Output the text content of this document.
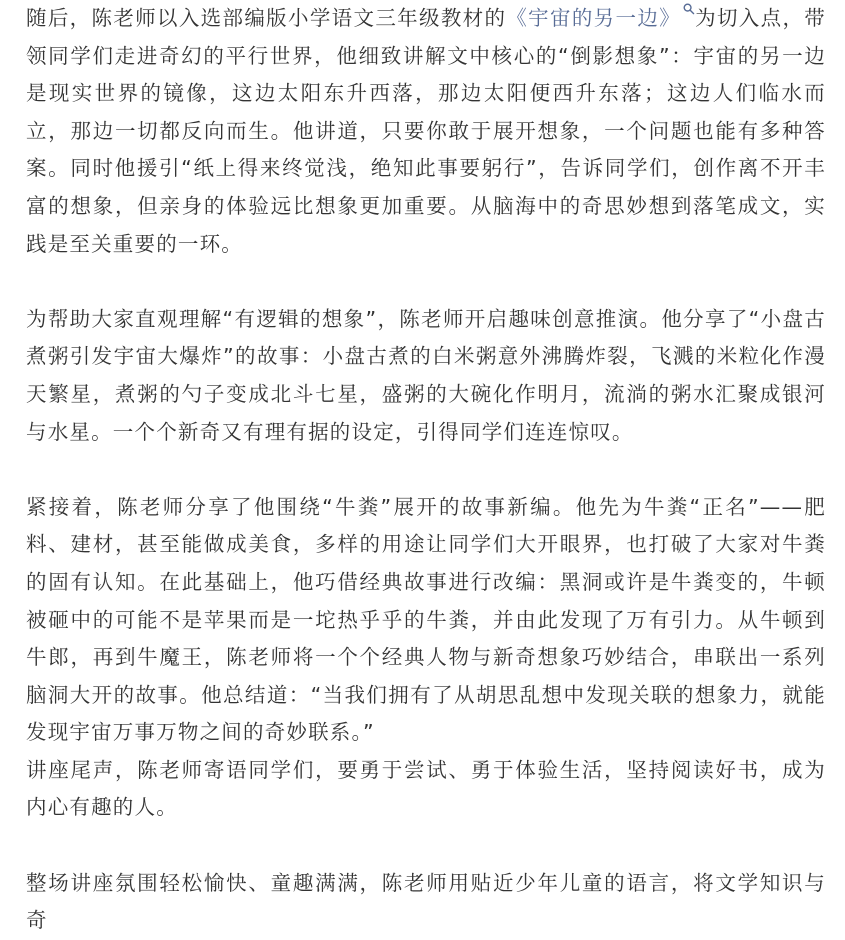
随后，陈老师以入选部编版小学语文三年级教材的《宇宙的另一边》 为切入点，带领同学们走进奇幻的平行世界，他细致讲解文中核心的“倒影想象”：宇宙的另一边是现实世界的镜像，这边太阳东升西落，那边太阳便西升东落；这边人们临水而立，那边一切都反向而生。他讲道，只要你敢于展开想象，一个问题也能有多种答案。同时他援引“纸上得来终觉浅，绝知此事要躬行”，告诉同学们，创作离不开丰富的想象，但亲身的体验远比想象更加重要。从脑海中的奇思妙想到落笔成文，实践是至关重要的一环。

为帮助大家直观理解“有逻辑的想象”，陈老师开启趣味创意推演。他分享了“小盘古煮粥引发宇宙大爆炸”的故事：小盘古煮的白米粥意外沸腾炸裂，飞溅的米粒化作漫天繁星，煮粥的勺子变成北斗七星，盛粥的大碗化作明月，流淌的粥水汇聚成银河与水星。一个个新奇又有理有据的设定，引得同学们连连惊叹。

紧接着，陈老师分享了他围绕“牛粪”展开的故事新编。他先为牛粪“正名”——肥料、建材，甚至能做成美食，多样的用途让同学们大开眼界，也打破了大家对牛粪的固有认知。在此基础上，他巧借经典故事进行改编：黑洞或许是牛粪变的，牛顿被砸中的可能不是苹果而是一坨热乎乎的牛粪，并由此发现了万有引力。从牛顿到牛郎，再到牛魔王，陈老师将一个个经典人物与新奇想象巧妙结合，串联出一系列脑洞大开的故事。他总结道：“当我们拥有了从胡思乱想中发现关联的想象力，就能发现宇宙万事万物之间的奇妙联系。”

讲座尾声，陈老师寄语同学们，要勇于尝试、勇于体验生活，坚持阅读好书，成为内心有趣的人。

整场讲座氛围轻松愉快、童趣满满，陈老师用贴近少年儿童的语言，将文学知识与奇
